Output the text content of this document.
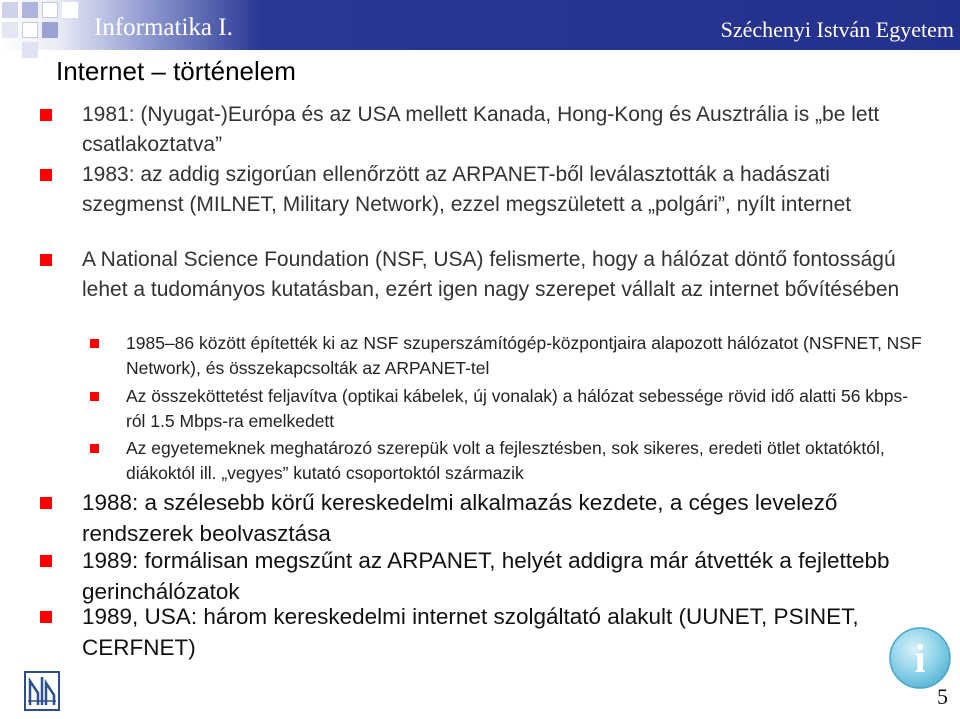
Informatika I.	Széchenyi István Egyetem
Internet – történelem
1981: (Nyugat-)Európa és az USA mellett Kanada, Hong-Kong és Ausztrália is „be lett csatlakoztatva”
1983: az addig szigorúan ellenőrzött az ARPANET-ből leválasztották a hadászati szegmenst (MILNET, Military Network), ezzel megszületett a „polgári”, nyílt internet
A National Science Foundation (NSF, USA) felismerte, hogy a hálózat döntő fontosságú lehet a tudományos kutatásban, ezért igen nagy szerepet vállalt az internet bővítésében
1985–86 között építették ki az NSF szuperszámítógép-központjaira alapozott hálózatot (NSFNET, NSF Network), és összekapcsolták az ARPANET-tel
Az összeköttetést feljavítva (optikai kábelek, új vonalak) a hálózat sebessége rövid idő alatti 56 kbps-ról 1.5 Mbps-ra emelkedett
Az egyetemeknek meghatározó szerepük volt a fejlesztésben, sok sikeres, eredeti ötlet oktatóktól, diákoktól ill. „vegyes” kutató csoportoktól származik
1988: a szélesebb körű kereskedelmi alkalmazás kezdete, a céges levelező rendszerek beolvasztása
1989: formálisan megszűnt az ARPANET, helyét addigra már átvették a fejlettebb gerinchálózatok
1989, USA: három kereskedelmi internet szolgáltató alakult (UUNET, PSINET, CERFNET)	i
5
